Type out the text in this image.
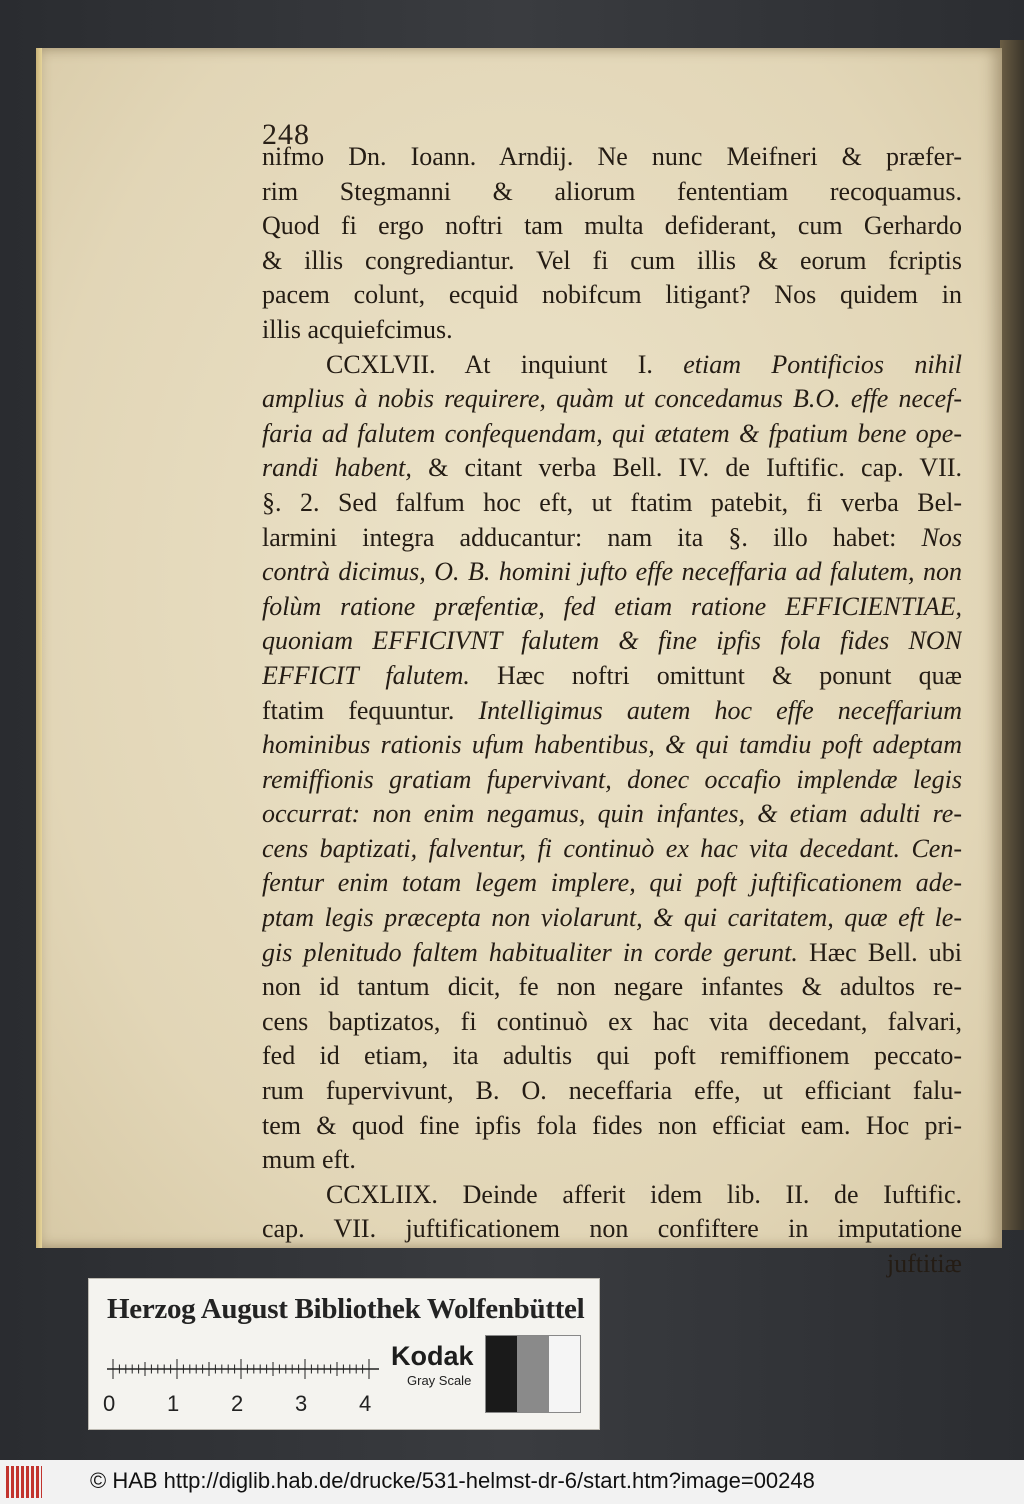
248
nifmo Dn. Ioann. Arndij. Ne nunc Meifneri & præfer-
rim Stegmanni & aliorum fententiam recoquamus.
Quod fi ergo noftri tam multa defiderant, cum Gerhardo
& illis congrediantur. Vel fi cum illis & eorum fcriptis
pacem colunt, ecquid nobifcum litigant? Nos quidem in
illis acquiefcimus.
CCXLVII. At inquiunt I. etiam Pontificios nihil
amplius à nobis requirere, quàm ut concedamus B.O. effe necef-
faria ad falutem confequendam, qui ætatem & fpatium bene ope-
randi habent, & citant verba Bell. IV. de Iuftific. cap. VII.
§. 2. Sed falfum hoc eft, ut ftatim patebit, fi verba Bel-
larmini integra adducantur: nam ita §. illo habet: Nos
contrà dicimus, O. B. homini jufto effe neceffaria ad falutem, non
folùm ratione præfentiæ, fed etiam ratione EFFICIENTIAE,
quoniam EFFICIVNT falutem & fine ipfis fola fides NON
EFFICIT falutem. Hæc noftri omittunt & ponunt quæ
ftatim fequuntur. Intelligimus autem hoc effe neceffarium
hominibus rationis ufum habentibus, & qui tamdiu poft adeptam
remiffionis gratiam fupervivant, donec occafio implendæ legis
occurrat: non enim negamus, quin infantes, & etiam adulti re-
cens baptizati, falventur, fi continuò ex hac vita decedant. Cen-
fentur enim totam legem implere, qui poft juftificationem ade-
ptam legis præcepta non violarunt, & qui caritatem, quæ eft le-
gis plenitudo faltem habitualiter in corde gerunt. Hæc Bell. ubi
non id tantum dicit, fe non negare infantes & adultos re-
cens baptizatos, fi continuò ex hac vita decedant, falvari,
fed id etiam, ita adultis qui poft remiffionem peccato-
rum fupervivunt, B. O. neceffaria effe, ut efficiant falu-
tem & quod fine ipfis fola fides non efficiat eam. Hoc pri-
mum eft.
CCXLIIX. Deinde afferit idem lib. II. de Iuftific.
cap. VII. juftificationem non confiftere in imputatione
juftitiæ
Herzog August Bibliothek Wolfenbüttel
0 1 2 3 4
Kodak
Gray Scale
© HAB http://diglib.hab.de/drucke/531-helmst-dr-6/start.htm?image=00248
